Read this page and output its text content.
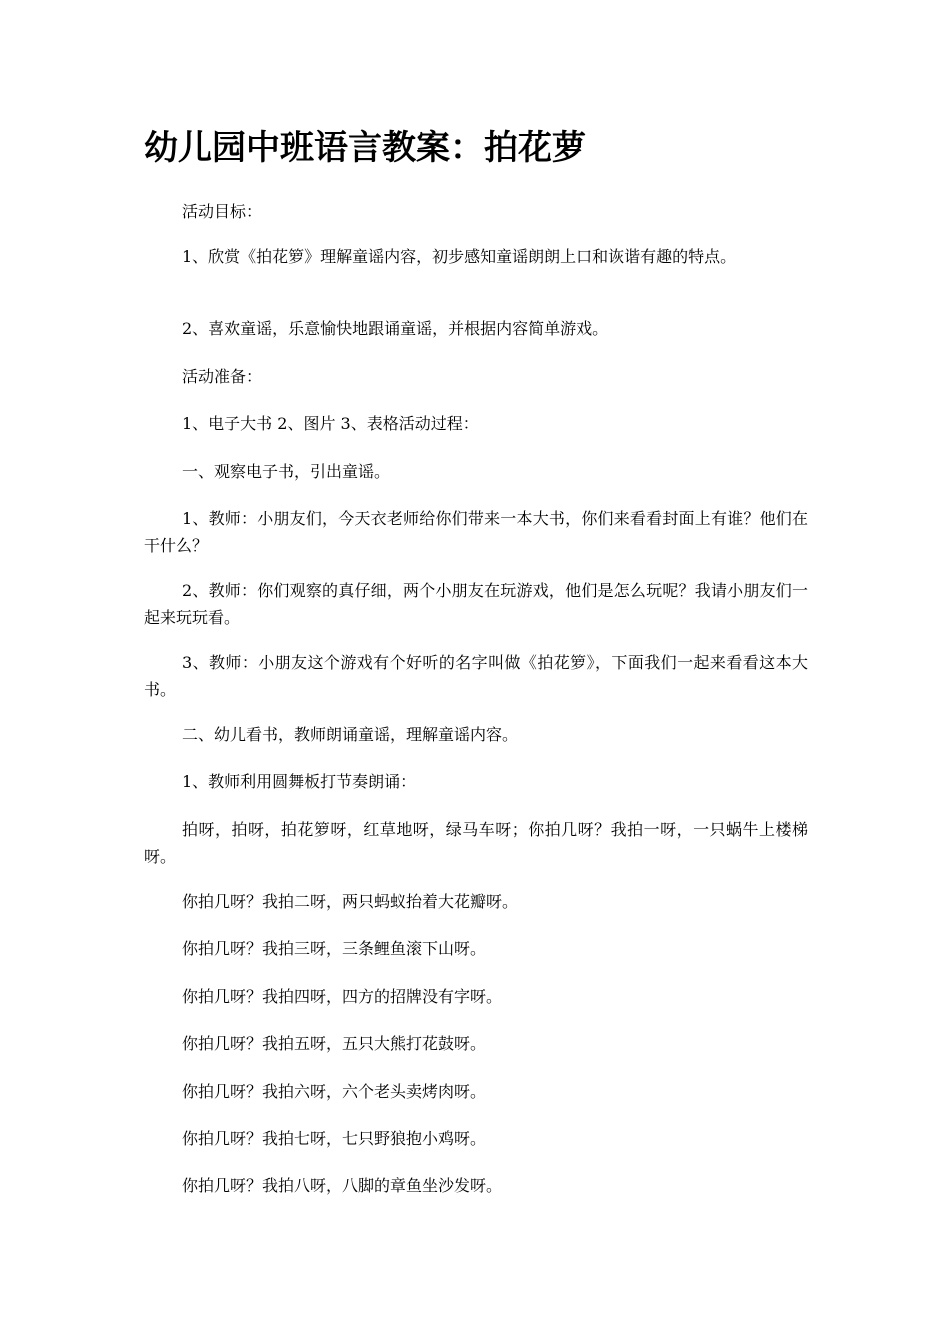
幼儿园中班语言教案：拍花萝

活动目标：

1、欣赏《拍花箩》理解童谣内容，初步感知童谣朗朗上口和诙谐有趣的特点。

2、喜欢童谣，乐意愉快地跟诵童谣，并根据内容简单游戏。

活动准备：

1、电子大书 2、图片 3、表格活动过程：

一、观察电子书，引出童谣。

1、教师：小朋友们，今天衣老师给你们带来一本大书，你们来看看封面上有谁？他们在干什么？

2、教师：你们观察的真仔细，两个小朋友在玩游戏，他们是怎么玩呢？我请小朋友们一起来玩玩看。

3、教师：小朋友这个游戏有个好听的名字叫做《拍花箩》，下面我们一起来看看这本大书。

二、幼儿看书，教师朗诵童谣，理解童谣内容。

1、教师利用圆舞板打节奏朗诵：

拍呀，拍呀，拍花箩呀，红草地呀，绿马车呀；你拍几呀？我拍一呀，一只蜗牛上楼梯呀。

你拍几呀？我拍二呀，两只蚂蚁抬着大花瓣呀。

你拍几呀？我拍三呀，三条鲤鱼滚下山呀。

你拍几呀？我拍四呀，四方的招牌没有字呀。

你拍几呀？我拍五呀，五只大熊打花鼓呀。

你拍几呀？我拍六呀，六个老头卖烤肉呀。

你拍几呀？我拍七呀，七只野狼抱小鸡呀。

你拍几呀？我拍八呀，八脚的章鱼坐沙发呀。
